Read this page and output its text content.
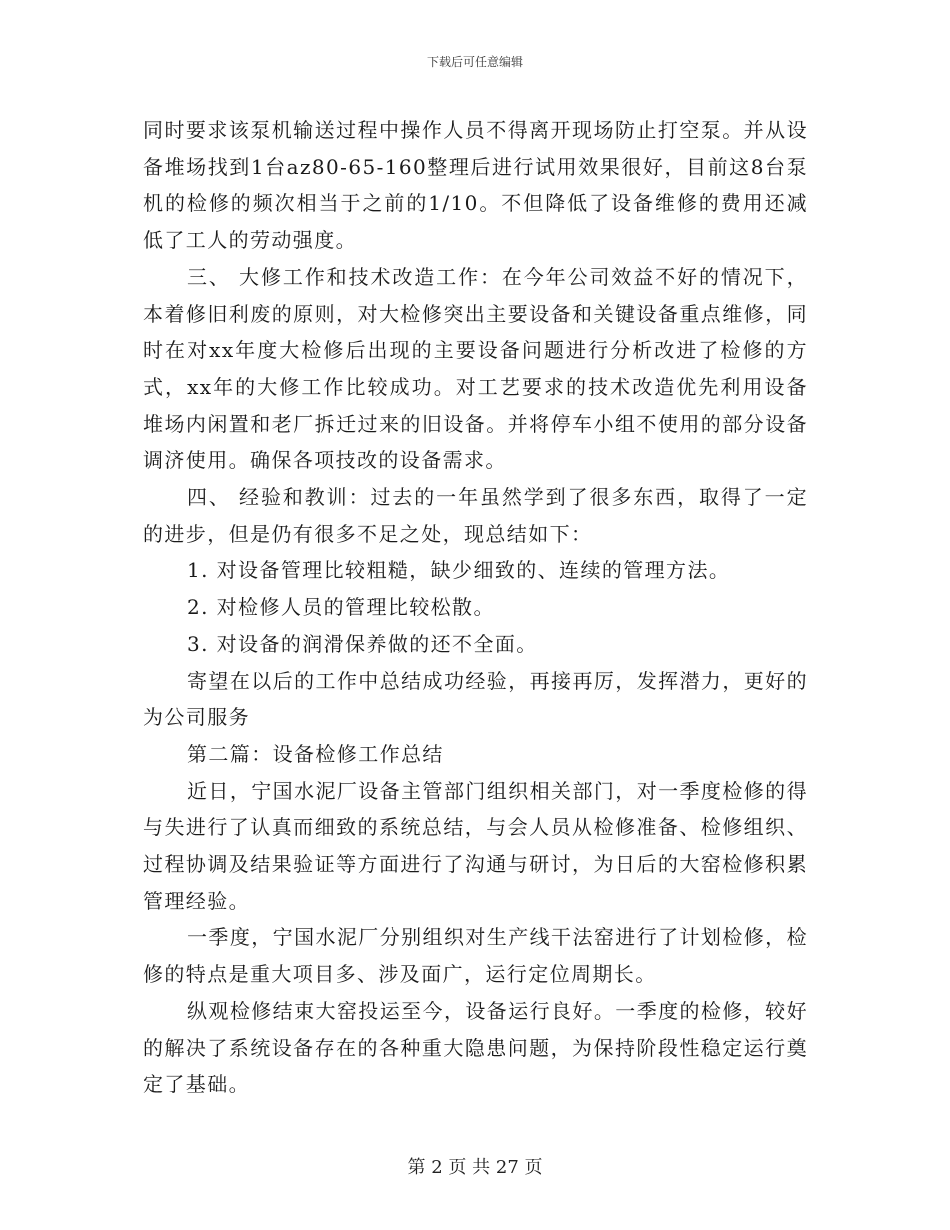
下载后可任意编辑

同时要求该泵机输送过程中操作人员不得离开现场防止打空泵。并从设备堆场找到1台az80-65-160整理后进行试用效果很好，目前这8台泵机的检修的频次相当于之前的1/10。不但降低了设备维修的费用还减低了工人的劳动强度。

三、 大修工作和技术改造工作：在今年公司效益不好的情况下，本着修旧利废的原则，对大检修突出主要设备和关键设备重点维修，同时在对xx年度大检修后出现的主要设备问题进行分析改进了检修的方式，xx年的大修工作比较成功。对工艺要求的技术改造优先利用设备堆场内闲置和老厂拆迁过来的旧设备。并将停车小组不使用的部分设备调济使用。确保各项技改的设备需求。

四、 经验和教训：过去的一年虽然学到了很多东西，取得了一定的进步，但是仍有很多不足之处，现总结如下：

1. 对设备管理比较粗糙，缺少细致的、连续的管理方法。

2. 对检修人员的管理比较松散。

3. 对设备的润滑保养做的还不全面。

寄望在以后的工作中总结成功经验，再接再厉，发挥潜力，更好的为公司服务

第二篇：设备检修工作总结

近日，宁国水泥厂设备主管部门组织相关部门，对一季度检修的得与失进行了认真而细致的系统总结，与会人员从检修准备、检修组织、过程协调及结果验证等方面进行了沟通与研讨，为日后的大窑检修积累管理经验。

一季度，宁国水泥厂分别组织对生产线干法窑进行了计划检修，检修的特点是重大项目多、涉及面广，运行定位周期长。

纵观检修结束大窑投运至今，设备运行良好。一季度的检修，较好的解决了系统设备存在的各种重大隐患问题，为保持阶段性稳定运行奠定了基础。

第 2 页 共 27 页
